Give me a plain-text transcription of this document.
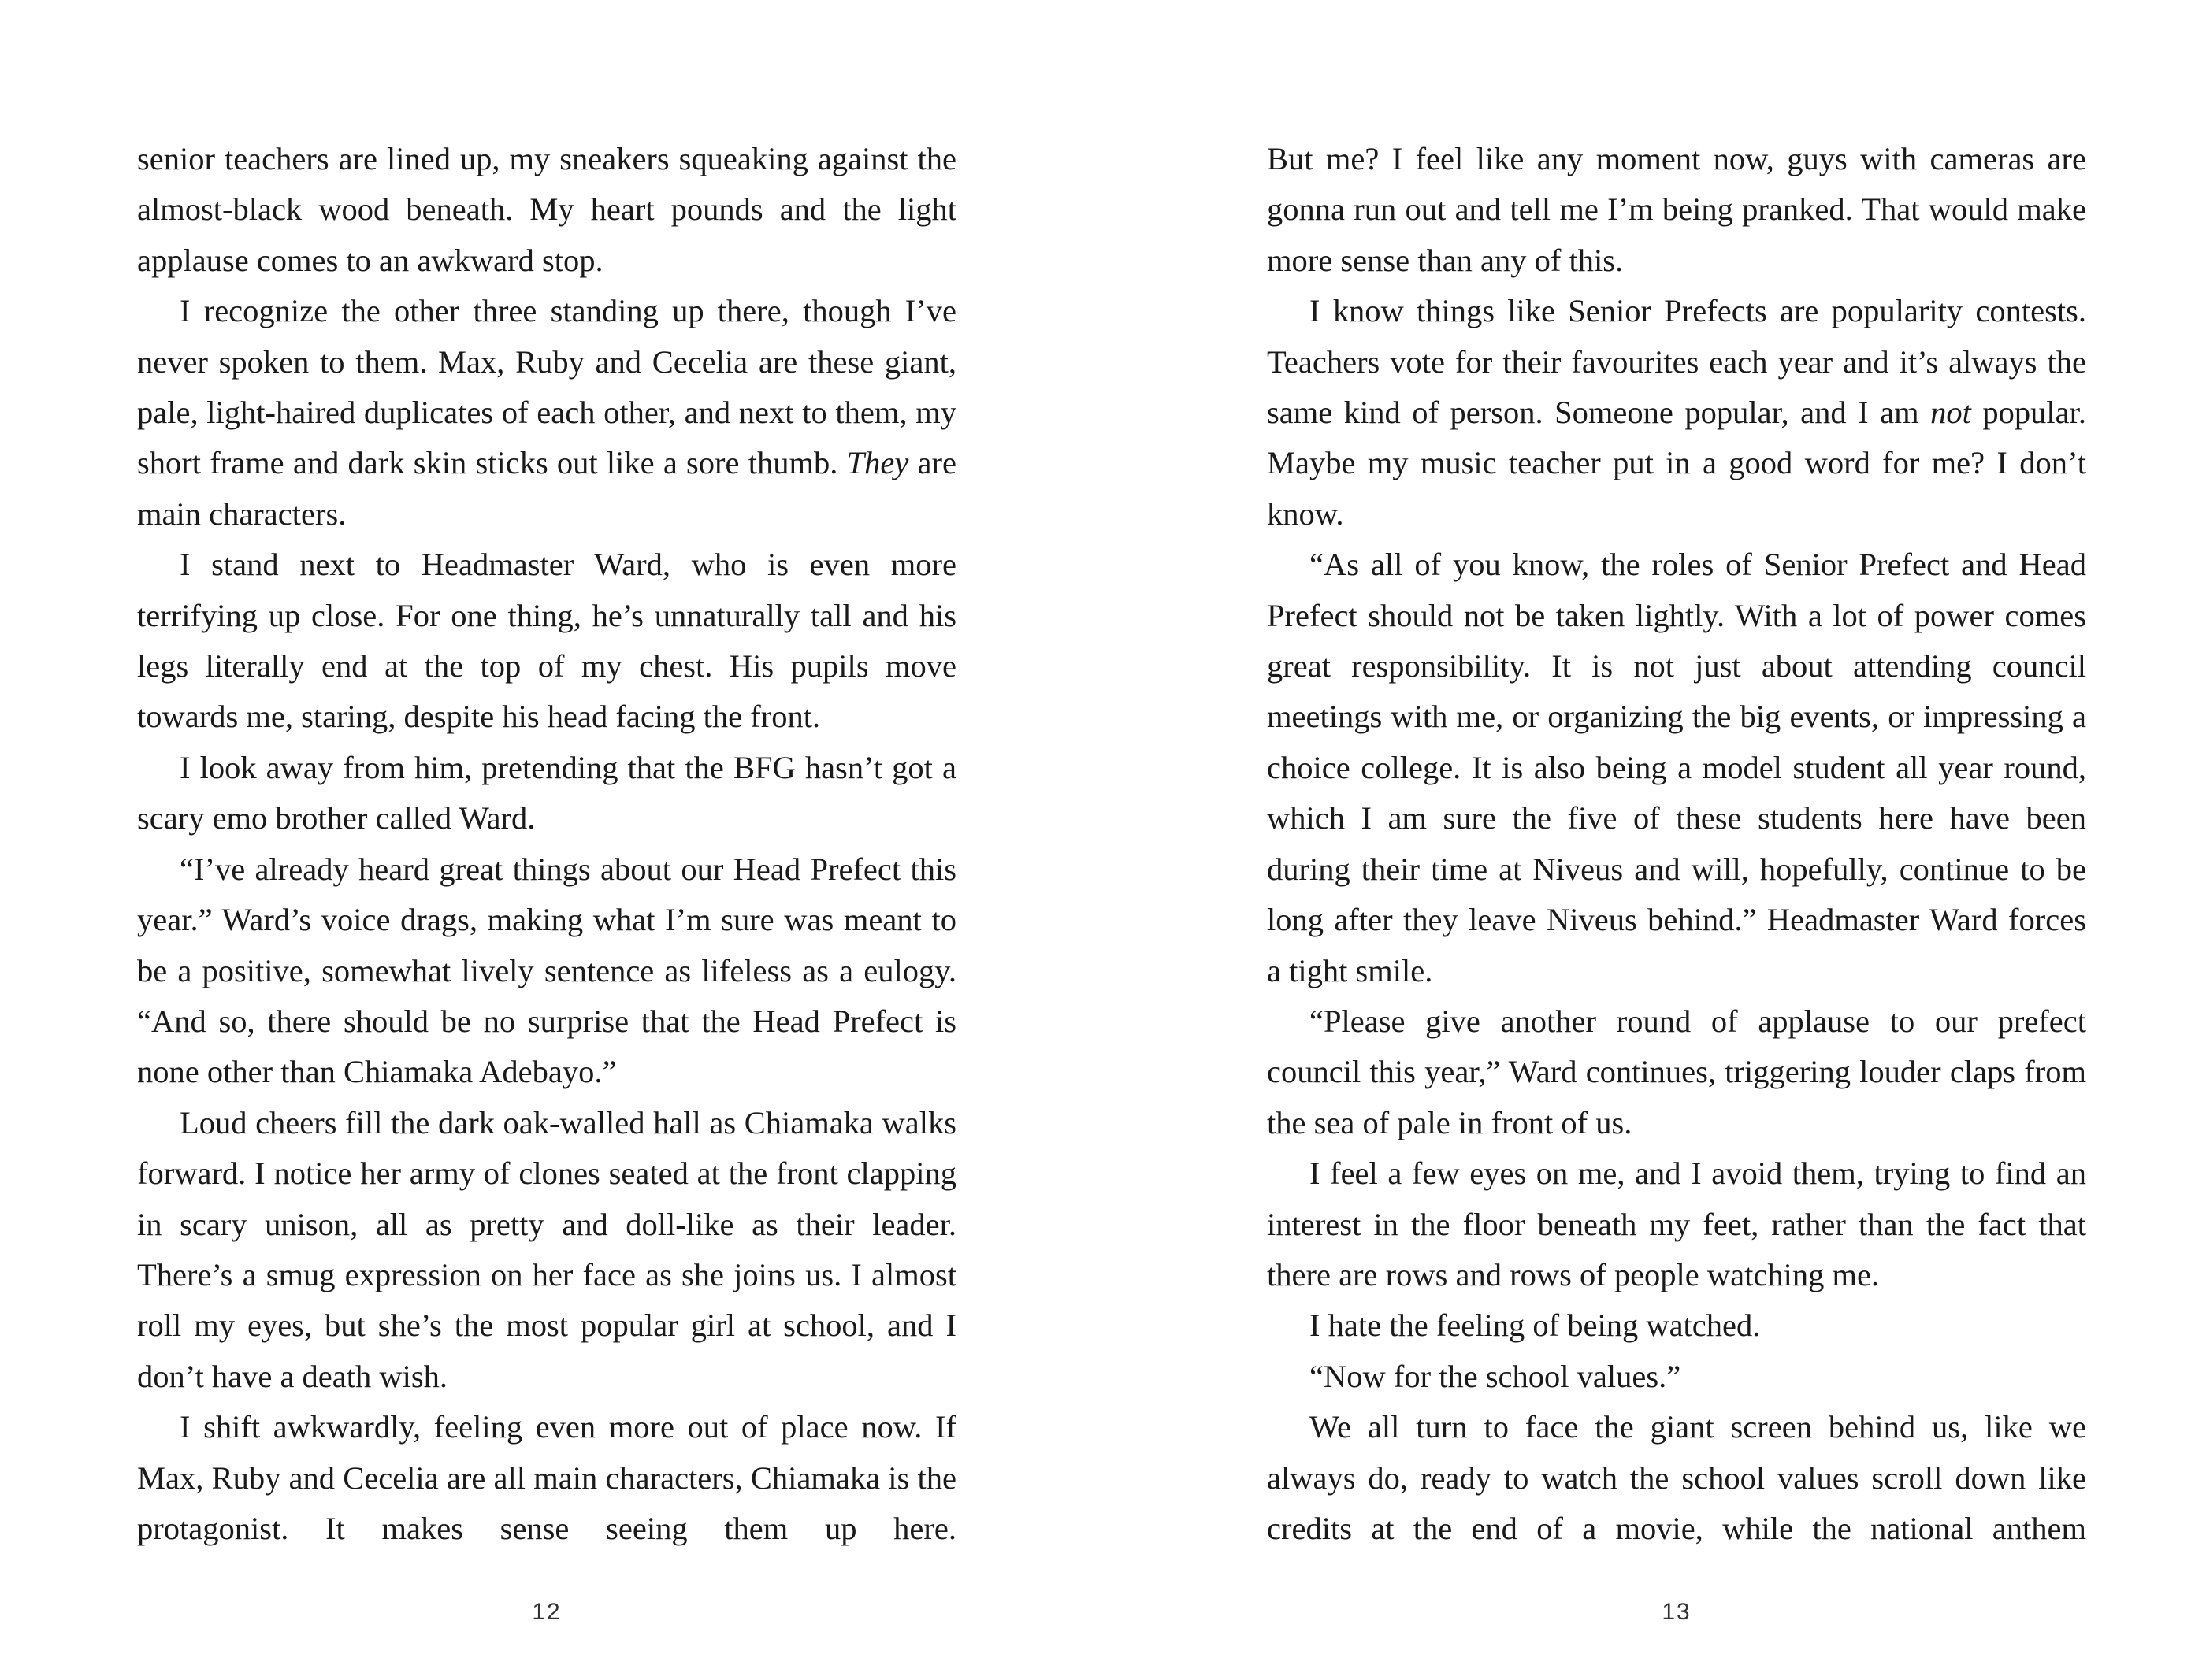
senior teachers are lined up, my sneakers squeaking against the almost-black wood beneath. My heart pounds and the light applause comes to an awkward stop.

I recognize the other three standing up there, though I’ve never spoken to them. Max, Ruby and Cecelia are these giant, pale, light-haired duplicates of each other, and next to them, my short frame and dark skin sticks out like a sore thumb. They are main characters.

I stand next to Headmaster Ward, who is even more terrifying up close. For one thing, he’s unnaturally tall and his legs literally end at the top of my chest. His pupils move towards me, staring, despite his head facing the front.

I look away from him, pretending that the BFG hasn’t got a scary emo brother called Ward.

“I’ve already heard great things about our Head Prefect this year.” Ward’s voice drags, making what I’m sure was meant to be a positive, somewhat lively sentence as lifeless as a eulogy. “And so, there should be no surprise that the Head Prefect is none other than Chiamaka Adebayo.”

Loud cheers fill the dark oak-walled hall as Chiamaka walks forward. I notice her army of clones seated at the front clapping in scary unison, all as pretty and doll-like as their leader. There’s a smug expression on her face as she joins us. I almost roll my eyes, but she’s the most popular girl at school, and I don’t have a death wish.

I shift awkwardly, feeling even more out of place now. If Max, Ruby and Cecelia are all main characters, Chiamaka is the protagonist. It makes sense seeing them up here.

But me? I feel like any moment now, guys with cameras are gonna run out and tell me I’m being pranked. That would make more sense than any of this.

I know things like Senior Prefects are popularity contests. Teachers vote for their favourites each year and it’s always the same kind of person. Someone popular, and I am not popular. Maybe my music teacher put in a good word for me? I don’t know.

“As all of you know, the roles of Senior Prefect and Head Prefect should not be taken lightly. With a lot of power comes great responsibility. It is not just about attending council meetings with me, or organizing the big events, or impressing a choice college. It is also being a model student all year round, which I am sure the five of these students here have been during their time at Niveus and will, hopefully, continue to be long after they leave Niveus behind.” Headmaster Ward forces a tight smile.

“Please give another round of applause to our prefect council this year,” Ward continues, triggering louder claps from the sea of pale in front of us.

I feel a few eyes on me, and I avoid them, trying to find an interest in the floor beneath my feet, rather than the fact that there are rows and rows of people watching me.

I hate the feeling of being watched.

“Now for the school values.”

We all turn to face the giant screen behind us, like we always do, ready to watch the school values scroll down like credits at the end of a movie, while the national anthem

12	13
